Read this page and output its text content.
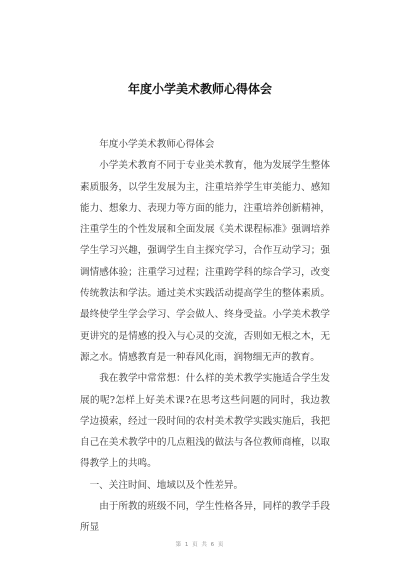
年度小学美术教师心得体会

年度小学美术教师心得体会

小学美术教育不同于专业美术教育，他为发展学生整体素质服务，以学生发展为主，注重培养学生审美能力、感知能力、想象力、表现力等方面的能力，注重培养创新精神，注重学生的个性发展和全面发展《美术课程标准》强调培养学生学习兴趣，强调学生自主探究学习，合作互动学习；强调情感体验；注重学习过程；注重跨学科的综合学习，改变传统教法和学法。通过美术实践活动提高学生的整体素质。最终使学生学会学习、学会做人、终身受益。小学美术教学更讲究的是情感的投入与心灵的交流，否则如无根之木，无源之水。情感教育是一种春风化雨，润物细无声的教育。

我在教学中常常想：什么样的美术教学实施适合学生发展的呢?怎样上好美术课?在思考这些问题的同时，我边教学边摸索，经过一段时间的农村美术教学实践实施后，我把自己在美术教学中的几点粗浅的做法与各位教师商榷，以取得教学上的共鸣。

一、关注时间、地域以及个性差异。

由于所教的班级不同，学生性格各异，同样的教学手段所显

第 1 页 共 6 页
